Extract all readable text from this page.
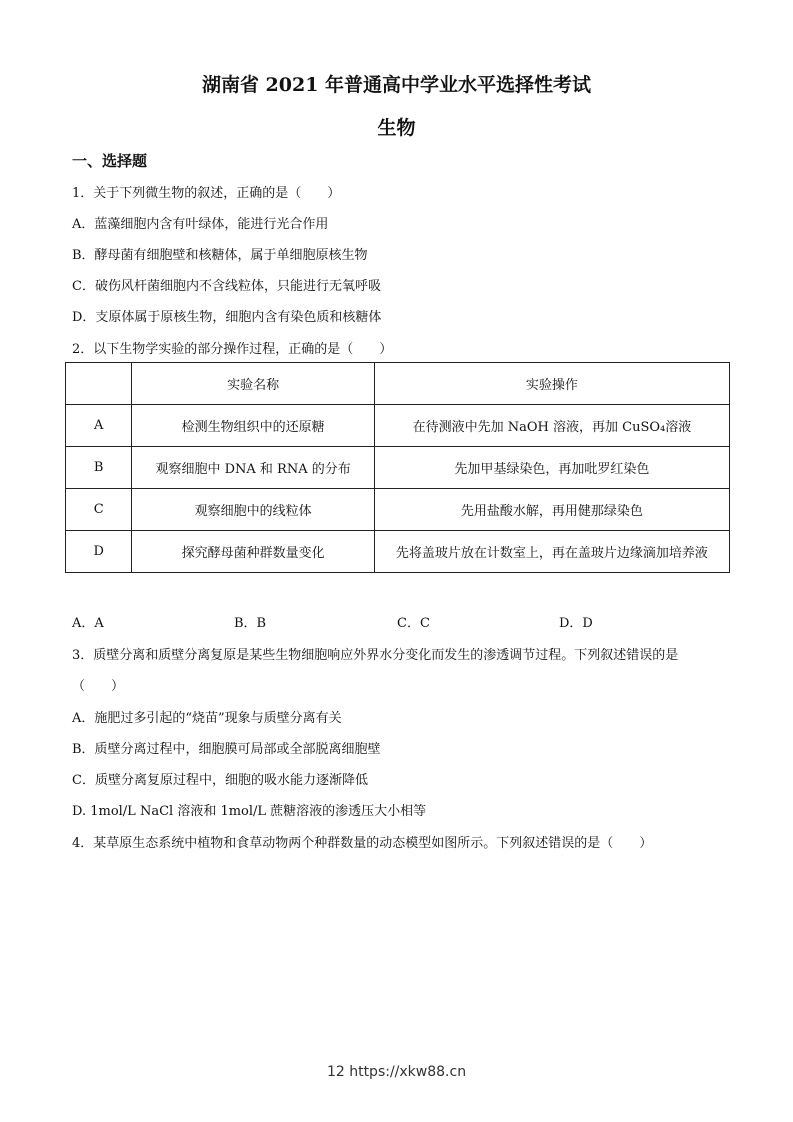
湖南省 2021 年普通高中学业水平选择性考试
生物
一、选择题
1．关于下列微生物的叙述，正确的是（　　）
A．蓝藻细胞内含有叶绿体，能进行光合作用
B．酵母菌有细胞壁和核糖体，属于单细胞原核生物
C．破伤风杆菌细胞内不含线粒体，只能进行无氧呼吸
D．支原体属于原核生物，细胞内含有染色质和核糖体
2．以下生物学实验的部分操作过程，正确的是（　　）
	实验名称	实验操作
A	检测生物组织中的还原糖	在待测液中先加 NaOH 溶液，再加 CuSO₄溶液
B	观察细胞中 DNA 和 RNA 的分布	先加甲基绿染色，再加吡罗红染色
C	观察细胞中的线粒体	先用盐酸水解，再用健那绿染色
D	探究酵母菌种群数量变化	先将盖玻片放在计数室上，再在盖玻片边缘滴加培养液
A．A	B．B	C．C	D．D
3．质壁分离和质壁分离复原是某些生物细胞响应外界水分变化而发生的渗透调节过程。下列叙述错误的是
（　　）
A．施肥过多引起的“烧苗”现象与质壁分离有关
B．质壁分离过程中，细胞膜可局部或全部脱离细胞壁
C．质壁分离复原过程中，细胞的吸水能力逐渐降低
D. 1mol/L NaCl 溶液和 1mol/L 蔗糖溶液的渗透压大小相等
4．某草原生态系统中植物和食草动物两个种群数量的动态模型如图所示。下列叙述错误的是（　　）
12 https://xkw88.cn
